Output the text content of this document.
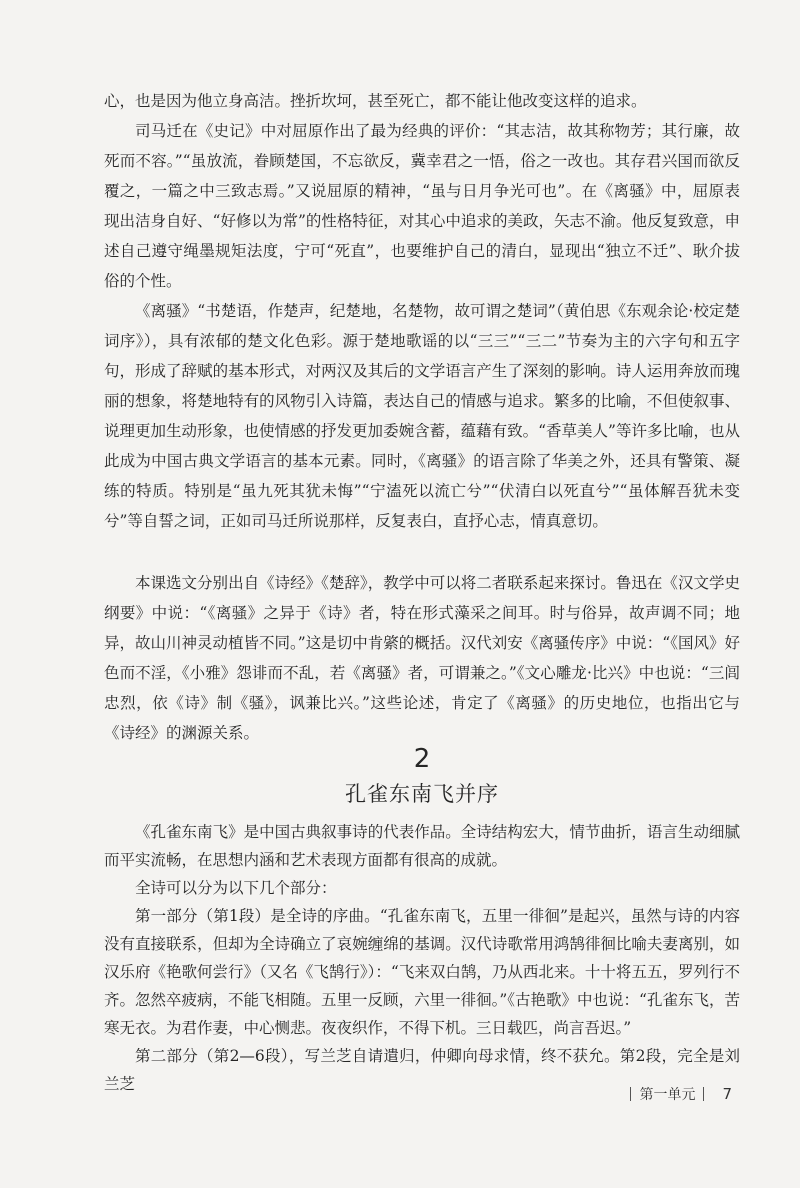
心，也是因为他立身高洁。挫折坎坷，甚至死亡，都不能让他改变这样的追求。

司马迁在《史记》中对屈原作出了最为经典的评价：“其志洁，故其称物芳；其行廉，故死而不容。”“虽放流，眷顾楚国，不忘欲反，冀幸君之一悟，俗之一改也。其存君兴国而欲反覆之，一篇之中三致志焉。”又说屈原的精神，“虽与日月争光可也”。在《离骚》中，屈原表现出洁身自好、“好修以为常”的性格特征，对其心中追求的美政，矢志不渝。他反复致意，申述自己遵守绳墨规矩法度，宁可“死直”，也要维护自己的清白，显现出“独立不迁”、耿介拔俗的个性。

《离骚》“书楚语，作楚声，纪楚地，名楚物，故可谓之楚词”（黄伯思《东观余论·校定楚词序》），具有浓郁的楚文化色彩。源于楚地歌谣的以“三三”“三二”节奏为主的六字句和五字句，形成了辞赋的基本形式，对两汉及其后的文学语言产生了深刻的影响。诗人运用奔放而瑰丽的想象，将楚地特有的风物引入诗篇，表达自己的情感与追求。繁多的比喻，不但使叙事、说理更加生动形象，也使情感的抒发更加委婉含蓄，蕴藉有致。“香草美人”等许多比喻，也从此成为中国古典文学语言的基本元素。同时，《离骚》的语言除了华美之外，还具有警策、凝练的特质。特别是“虽九死其犹未悔”“宁溘死以流亡兮”“伏清白以死直兮”“虽体解吾犹未变兮”等自誓之词，正如司马迁所说那样，反复表白，直抒心志，情真意切。

本课选文分别出自《诗经》《楚辞》，教学中可以将二者联系起来探讨。鲁迅在《汉文学史纲要》中说：“《离骚》之异于《诗》者，特在形式藻采之间耳。时与俗异，故声调不同；地异，故山川神灵动植皆不同。”这是切中肯綮的概括。汉代刘安《离骚传序》中说：“《国风》好色而不淫，《小雅》怨诽而不乱，若《离骚》者，可谓兼之。”《文心雕龙·比兴》中也说：“三闾忠烈，依《诗》制《骚》，讽兼比兴。”这些论述，肯定了《离骚》的历史地位，也指出它与《诗经》的渊源关系。

2
孔雀东南飞并序

《孔雀东南飞》是中国古典叙事诗的代表作品。全诗结构宏大，情节曲折，语言生动细腻而平实流畅，在思想内涵和艺术表现方面都有很高的成就。

全诗可以分为以下几个部分：

第一部分（第1段）是全诗的序曲。“孔雀东南飞，五里一徘徊”是起兴，虽然与诗的内容没有直接联系，但却为全诗确立了哀婉缠绵的基调。汉代诗歌常用鸿鹄徘徊比喻夫妻离别，如汉乐府《艳歌何尝行》（又名《飞鹄行》）：“飞来双白鹄，乃从西北来。十十将五五，罗列行不齐。忽然卒疲病，不能飞相随。五里一反顾，六里一徘徊。”《古艳歌》中也说：“孔雀东飞，苦寒无衣。为君作妻，中心恻悲。夜夜织作，不得下机。三日载匹，尚言吾迟。”

第二部分（第2—6段），写兰芝自请遣归，仲卿向母求情，终不获允。第2段，完全是刘兰芝

第一单元 7
